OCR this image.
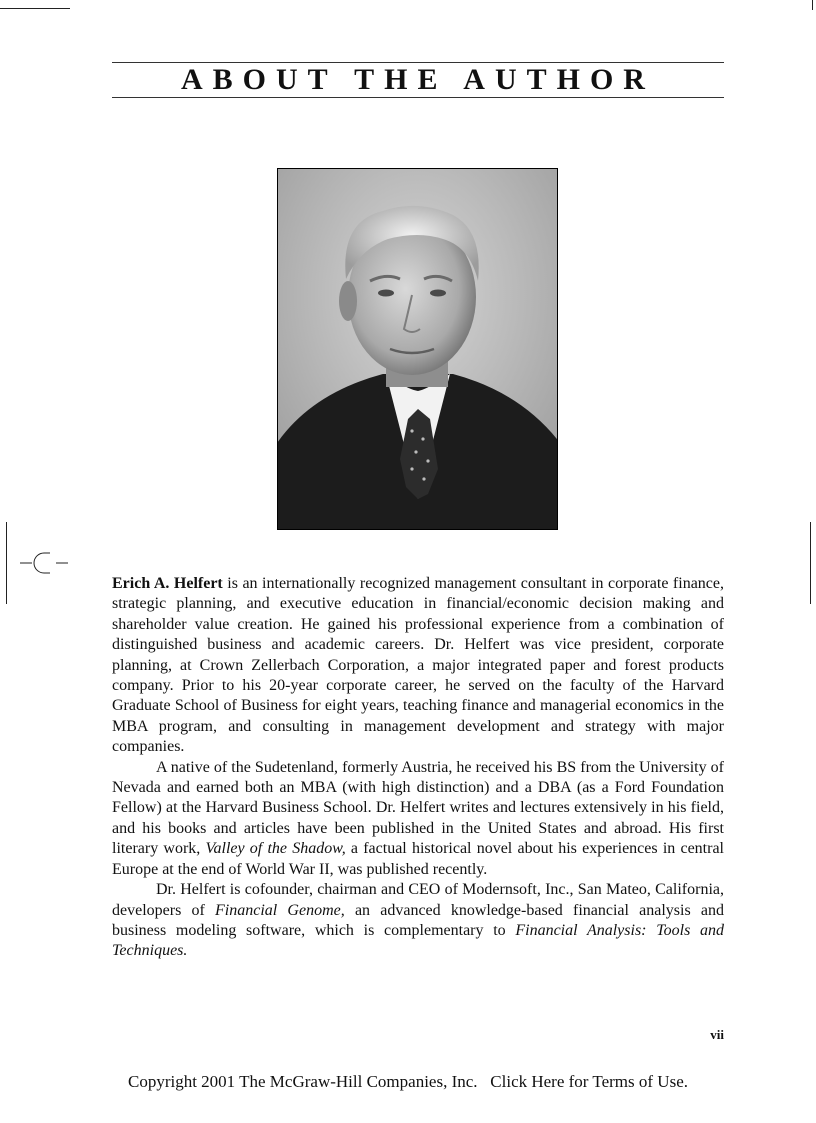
ABOUT THE AUTHOR

Erich A. Helfert is an internationally recognized management consultant in corporate finance, strategic planning, and executive education in financial/economic decision making and shareholder value creation. He gained his professional experience from a combination of distinguished business and academic careers. Dr. Helfert was vice president, corporate planning, at Crown Zellerbach Corporation, a major integrated paper and forest products company. Prior to his 20-year corporate career, he served on the faculty of the Harvard Graduate School of Business for eight years, teaching finance and managerial economics in the MBA program, and consulting in management development and strategy with major companies.

A native of the Sudetenland, formerly Austria, he received his BS from the University of Nevada and earned both an MBA (with high distinction) and a DBA (as a Ford Foundation Fellow) at the Harvard Business School. Dr. Helfert writes and lectures extensively in his field, and his books and articles have been published in the United States and abroad. His first literary work, Valley of the Shadow, a factual historical novel about his experiences in central Europe at the end of World War II, was published recently.

Dr. Helfert is cofounder, chairman and CEO of Modernsoft, Inc., San Mateo, California, developers of Financial Genome, an advanced knowledge-based financial analysis and business modeling software, which is complementary to Financial Analysis: Tools and Techniques.

vii
Copyright 2001 The McGraw-Hill Companies, Inc. Click Here for Terms of Use.
